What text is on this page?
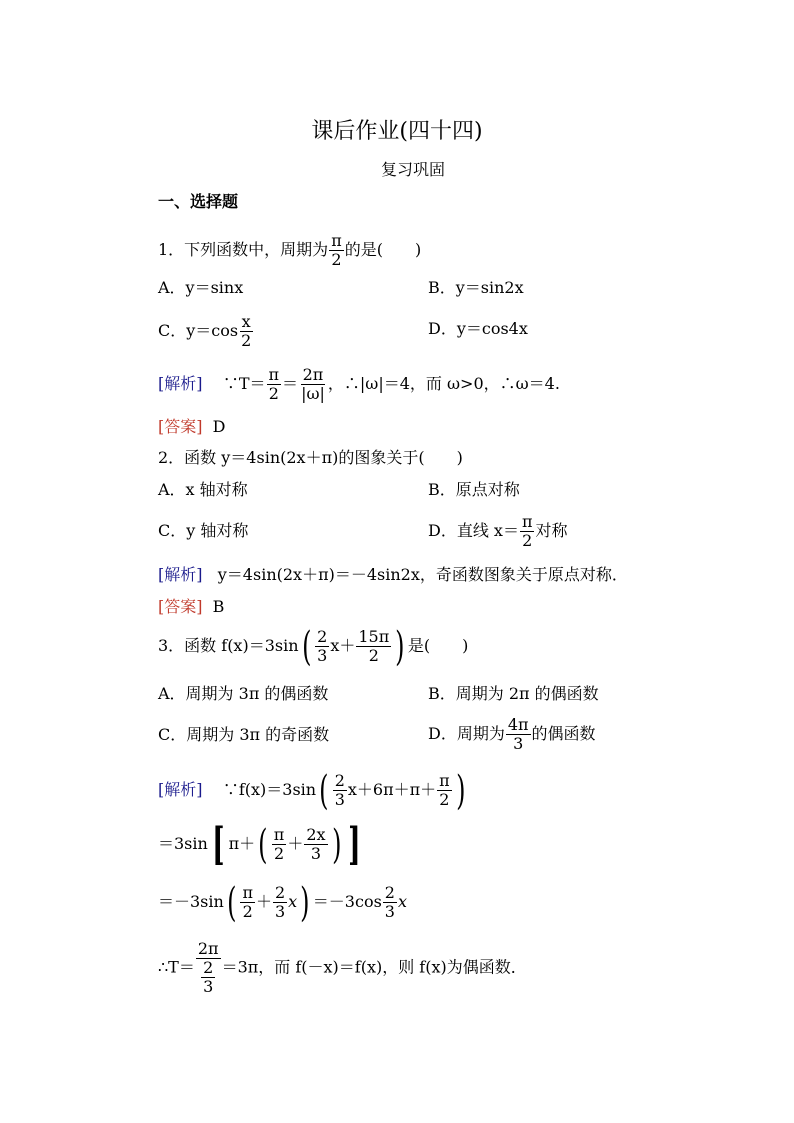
课后作业(四十四)
复习巩固
一、选择题
1．下列函数中，周期为 $\frac{\pi}{2}$ 的是(　　)
A．y＝sinx	B．y＝sin2x
C．$y=\cos \frac{x}{2}$	D．y＝cos4x
[解析] ∵T＝ $\frac{\pi}{2} = \frac{2\pi}{|\omega|}$ ，∴|ω|＝4，而 ω>0，∴ω＝4.
[答案] D
2．函数 y＝4sin(2x＋π)的图象关于(　　)
A．x 轴对称	B．原点对称
C．y 轴对称	D．直线 $x= \frac{\pi}{2}$ 对称
[解析] y＝4sin(2x＋π)＝－4sin2x，奇函数图象关于原点对称．
[答案] B
3．函数 $f(x)=3\sin( \frac{2}{3} x+ \frac{15\pi}{2}$ ) 是(　　)
A．周期为 3π 的偶函数	B．周期为 2π 的偶函数
C．周期为 3π 的奇函数	D．周期为 $\frac{4\pi}{3}$ 的偶函数
[解析] ∵f(x)＝3sin( $\frac{2}{3} x+6\pi+\pi+ \frac{\pi}{2}$ )
＝3sin[ $\pi+( \frac{\pi}{2} + \frac{2x}{3}$ ) ]
$=-3\sin( \frac{\pi}{2} + \frac{2}{3} x) =-3\cos \frac{2}{3}$ x
∴T＝ $\frac{2\pi}{\frac{2}{3}} =3\pi$，而 f(－x)＝f(x)，则 f(x)为偶函数．
